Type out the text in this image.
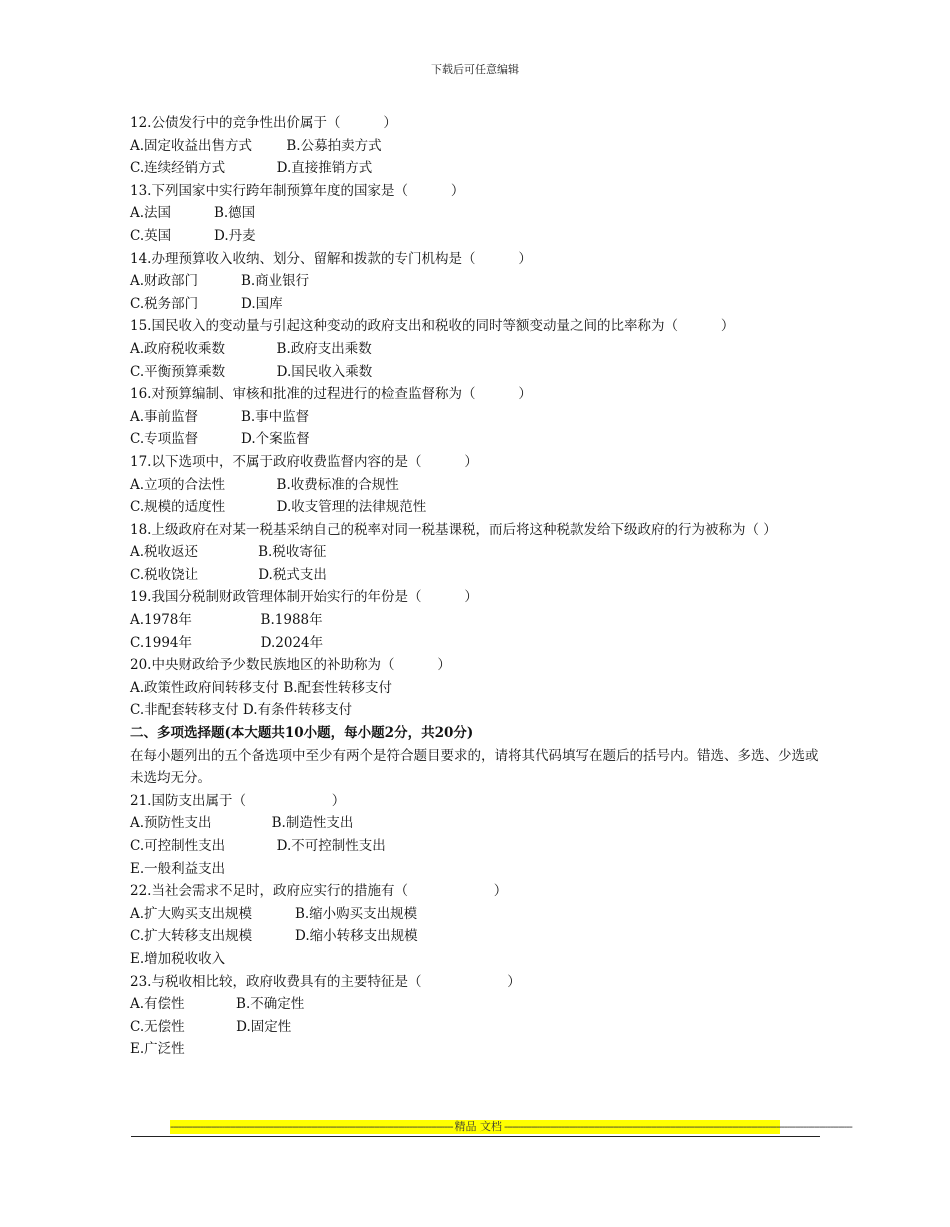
下载后可任意编辑
12.公债发行中的竞争性出价属于（          ）
A.固定收益出售方式        B.公募拍卖方式
C.连续经销方式            D.直接推销方式
13.下列国家中实行跨年制预算年度的国家是（          ）
A.法国          B.德国
C.英国          D.丹麦
14.办理预算收入收纳、划分、留解和拨款的专门机构是（          ）
A.财政部门          B.商业银行
C.税务部门          D.国库
15.国民收入的变动量与引起这种变动的政府支出和税收的同时等额变动量之间的比率称为（          ）
A.政府税收乘数            B.政府支出乘数
C.平衡预算乘数            D.国民收入乘数
16.对预算编制、审核和批准的过程进行的检查监督称为（          ）
A.事前监督          B.事中监督
C.专项监督          D.个案监督
17.以下选项中，不属于政府收费监督内容的是（          ）
A.立项的合法性            B.收费标准的合规性
C.规模的适度性            D.收支管理的法律规范性
18.上级政府在对某一税基采纳自己的税率对同一税基课税，而后将这种税款发给下级政府的行为被称为（ ）
A.税收返还              B.税收寄征
C.税收饶让              D.税式支出
19.我国分税制财政管理体制开始实行的年份是（          ）
A.1978年                B.1988年
C.1994年                D.2024年
20.中央财政给予少数民族地区的补助称为（          ）
A.政策性政府间转移支付 B.配套性转移支付
C.非配套转移支付 D.有条件转移支付
二、多项选择题(本大题共10小题，每小题2分，共20分)
在每小题列出的五个备选项中至少有两个是符合题目要求的，请将其代码填写在题后的括号内。错选、多选、少选或未选均无分。
21.国防支出属于（                    ）
A.预防性支出              B.制造性支出
C.可控制性支出            D.不可控制性支出
E.一般利益支出
22.当社会需求不足时，政府应实行的措施有（                    ）
A.扩大购买支出规模          B.缩小购买支出规模
C.扩大转移支出规模          D.缩小转移支出规模
E.增加税收收入
23.与税收相比较，政府收费具有的主要特征是（                    ）
A.有偿性            B.不确定性
C.无偿性            D.固定性
E.广泛性
-------------------------------------------------------------------------------------------------------- 精品 文档 --------------------------------------------------------------------------------------------------------------------------------
